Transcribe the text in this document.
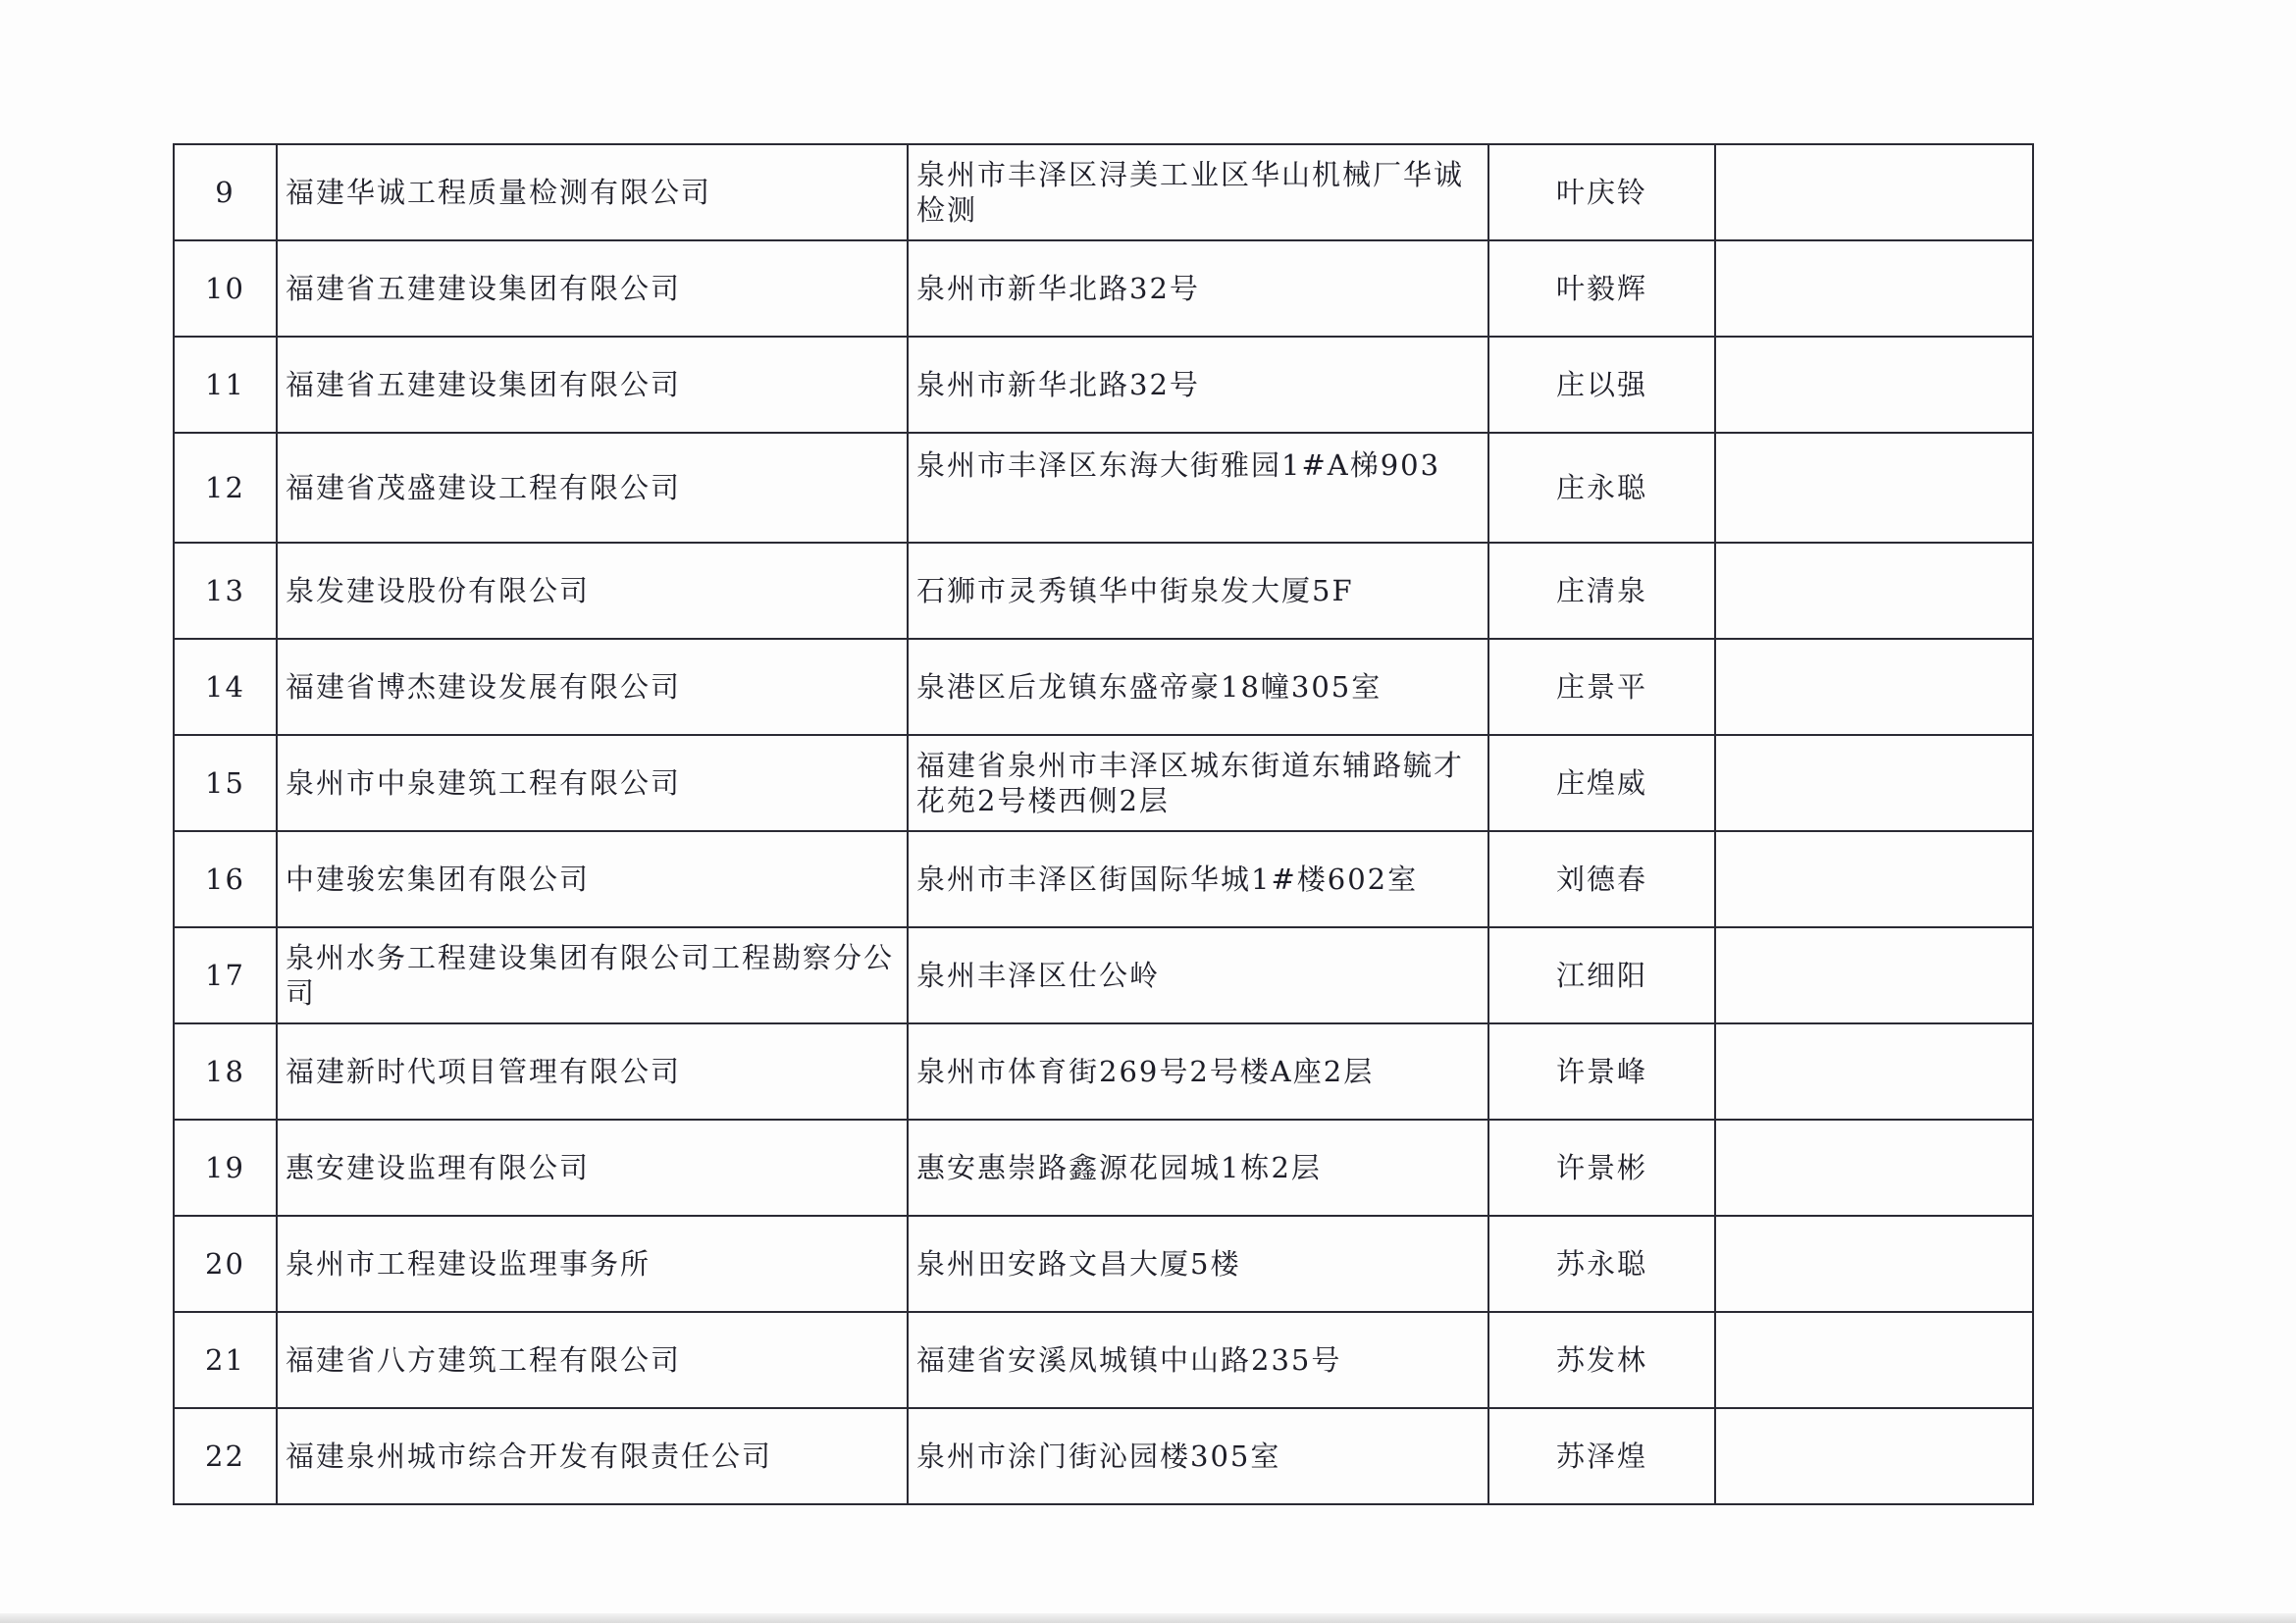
9	福建华诚工程质量检测有限公司	泉州市丰泽区浔美工业区华山机械厂华诚检测	叶庆铃	
10	福建省五建建设集团有限公司	泉州市新华北路32号	叶毅辉	
11	福建省五建建设集团有限公司	泉州市新华北路32号	庄以强	
12	福建省茂盛建设工程有限公司	泉州市丰泽区东海大街雅园1#A梯903	庄永聪	
13	泉发建设股份有限公司	石狮市灵秀镇华中街泉发大厦5F	庄清泉	
14	福建省博杰建设发展有限公司	泉港区后龙镇东盛帝豪18幢305室	庄景平	
15	泉州市中泉建筑工程有限公司	福建省泉州市丰泽区城东街道东辅路毓才花苑2号楼西侧2层	庄煌威	
16	中建骏宏集团有限公司	泉州市丰泽区街国际华城1#楼602室	刘德春	
17	泉州水务工程建设集团有限公司工程勘察分公司	泉州丰泽区仕公岭	江细阳	
18	福建新时代项目管理有限公司	泉州市体育街269号2号楼A座2层	许景峰	
19	惠安建设监理有限公司	惠安惠崇路鑫源花园城1栋2层	许景彬	
20	泉州市工程建设监理事务所	泉州田安路文昌大厦5楼	苏永聪	
21	福建省八方建筑工程有限公司	福建省安溪凤城镇中山路235号	苏发林	
22	福建泉州城市综合开发有限责任公司	泉州市涂门街沁园楼305室	苏泽煌	
